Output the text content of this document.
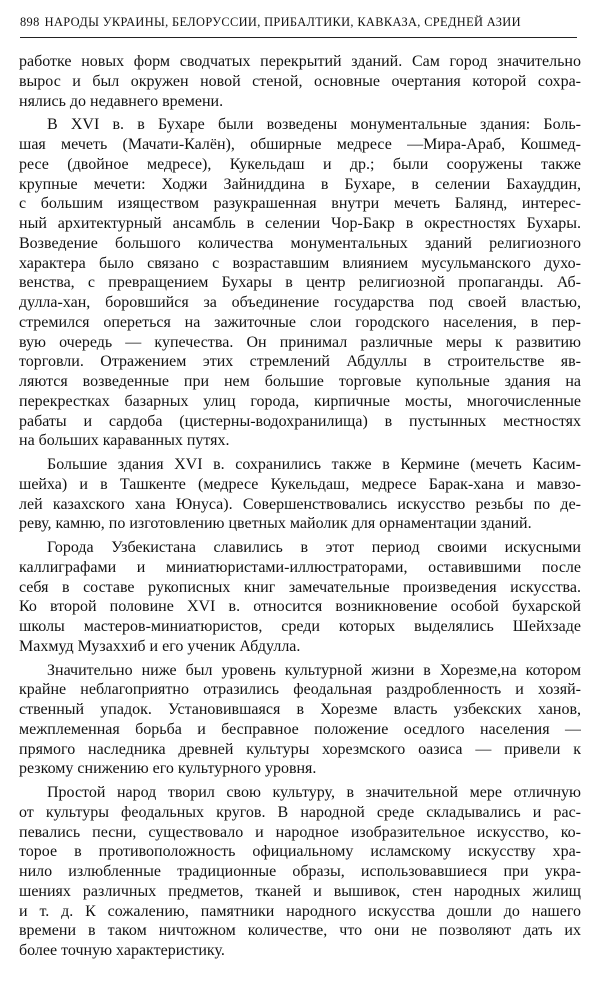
898 НАРОДЫ УКРАИНЫ, БЕЛОРУССИИ, ПРИБАЛТИКИ, КАВКАЗА, СРЕДНЕЙ АЗИИ
работке новых форм сводчатых перекрытий зданий. Сам город значительно
вырос и был окружен новой стеной, основные очертания которой сохра-
нялись до недавнего времени.
В XVI в. в Бухаре были возведены монументальные здания: Боль-
шая мечеть (Мачати-Калён), обширные медресе —Мира-Араб, Кошмед-
ресе (двойное медресе), Кукельдаш и др.; были сооружены также
крупные мечети: Ходжи Зайниддина в Бухаре, в селении Бахауддин,
с большим изяществом разукрашенная внутри мечеть Балянд, интерес-
ный архитектурный ансамбль в селении Чор-Бакр в окрестностях Бухары.
Возведение большого количества монументальных зданий религиозного
характера было связано с возраставшим влиянием мусульманского духо-
венства, с превращением Бухары в центр религиозной пропаганды. Аб-
дулла-хан, боровшийся за объединение государства под своей властью,
стремился опереться на зажиточные слои городского населения, в пер-
вую очередь — купечества. Он принимал различные меры к развитию
торговли. Отражением этих стремлений Абдуллы в строительстве яв-
ляются возведенные при нем большие торговые купольные здания на
перекрестках базарных улиц города, кирпичные мосты, многочисленные
рабаты и сардоба (цистерны-водохранилища) в пустынных местностях
на больших караванных путях.
Большие здания XVI в. сохранились также в Кермине (мечеть Касим-
шейха) и в Ташкенте (медресе Кукельдаш, медресе Барак-хана и мавзо-
лей казахского хана Юнуса). Совершенствовались искусство резьбы по де-
реву, камню, по изготовлению цветных майолик для орнаментации зданий.
Города Узбекистана славились в этот период своими искусными
каллиграфами и миниатюристами-иллюстраторами, оставившими после
себя в составе рукописных книг замечательные произведения искусства.
Ко второй половине XVI в. относится возникновение особой бухарской
школы мастеров-миниатюристов, среди которых выделялись Шейхзаде
Махмуд Музаххиб и его ученик Абдулла.
Значительно ниже был уровень культурной жизни в Хорезме,на котором
крайне неблагоприятно отразились феодальная раздробленность и хозяй-
ственный упадок. Установившаяся в Хорезме власть узбекских ханов,
межплеменная борьба и бесправное положение оседлого населения —
прямого наследника древней культуры хорезмского оазиса — привели к
резкому снижению его культурного уровня.
Простой народ творил свою культуру, в значительной мере отличную
от культуры феодальных кругов. В народной среде складывались и рас-
певались песни, существовало и народное изобразительное искусство, ко-
торое в противоположность официальному исламскому искусству хра-
нило излюбленные традиционные образы, использовавшиеся при укра-
шениях различных предметов, тканей и вышивок, стен народных жилищ
и т. д. К сожалению, памятники народного искусства дошли до нашего
времени в таком ничтожном количестве, что они не позволяют дать их
более точную характеристику.
